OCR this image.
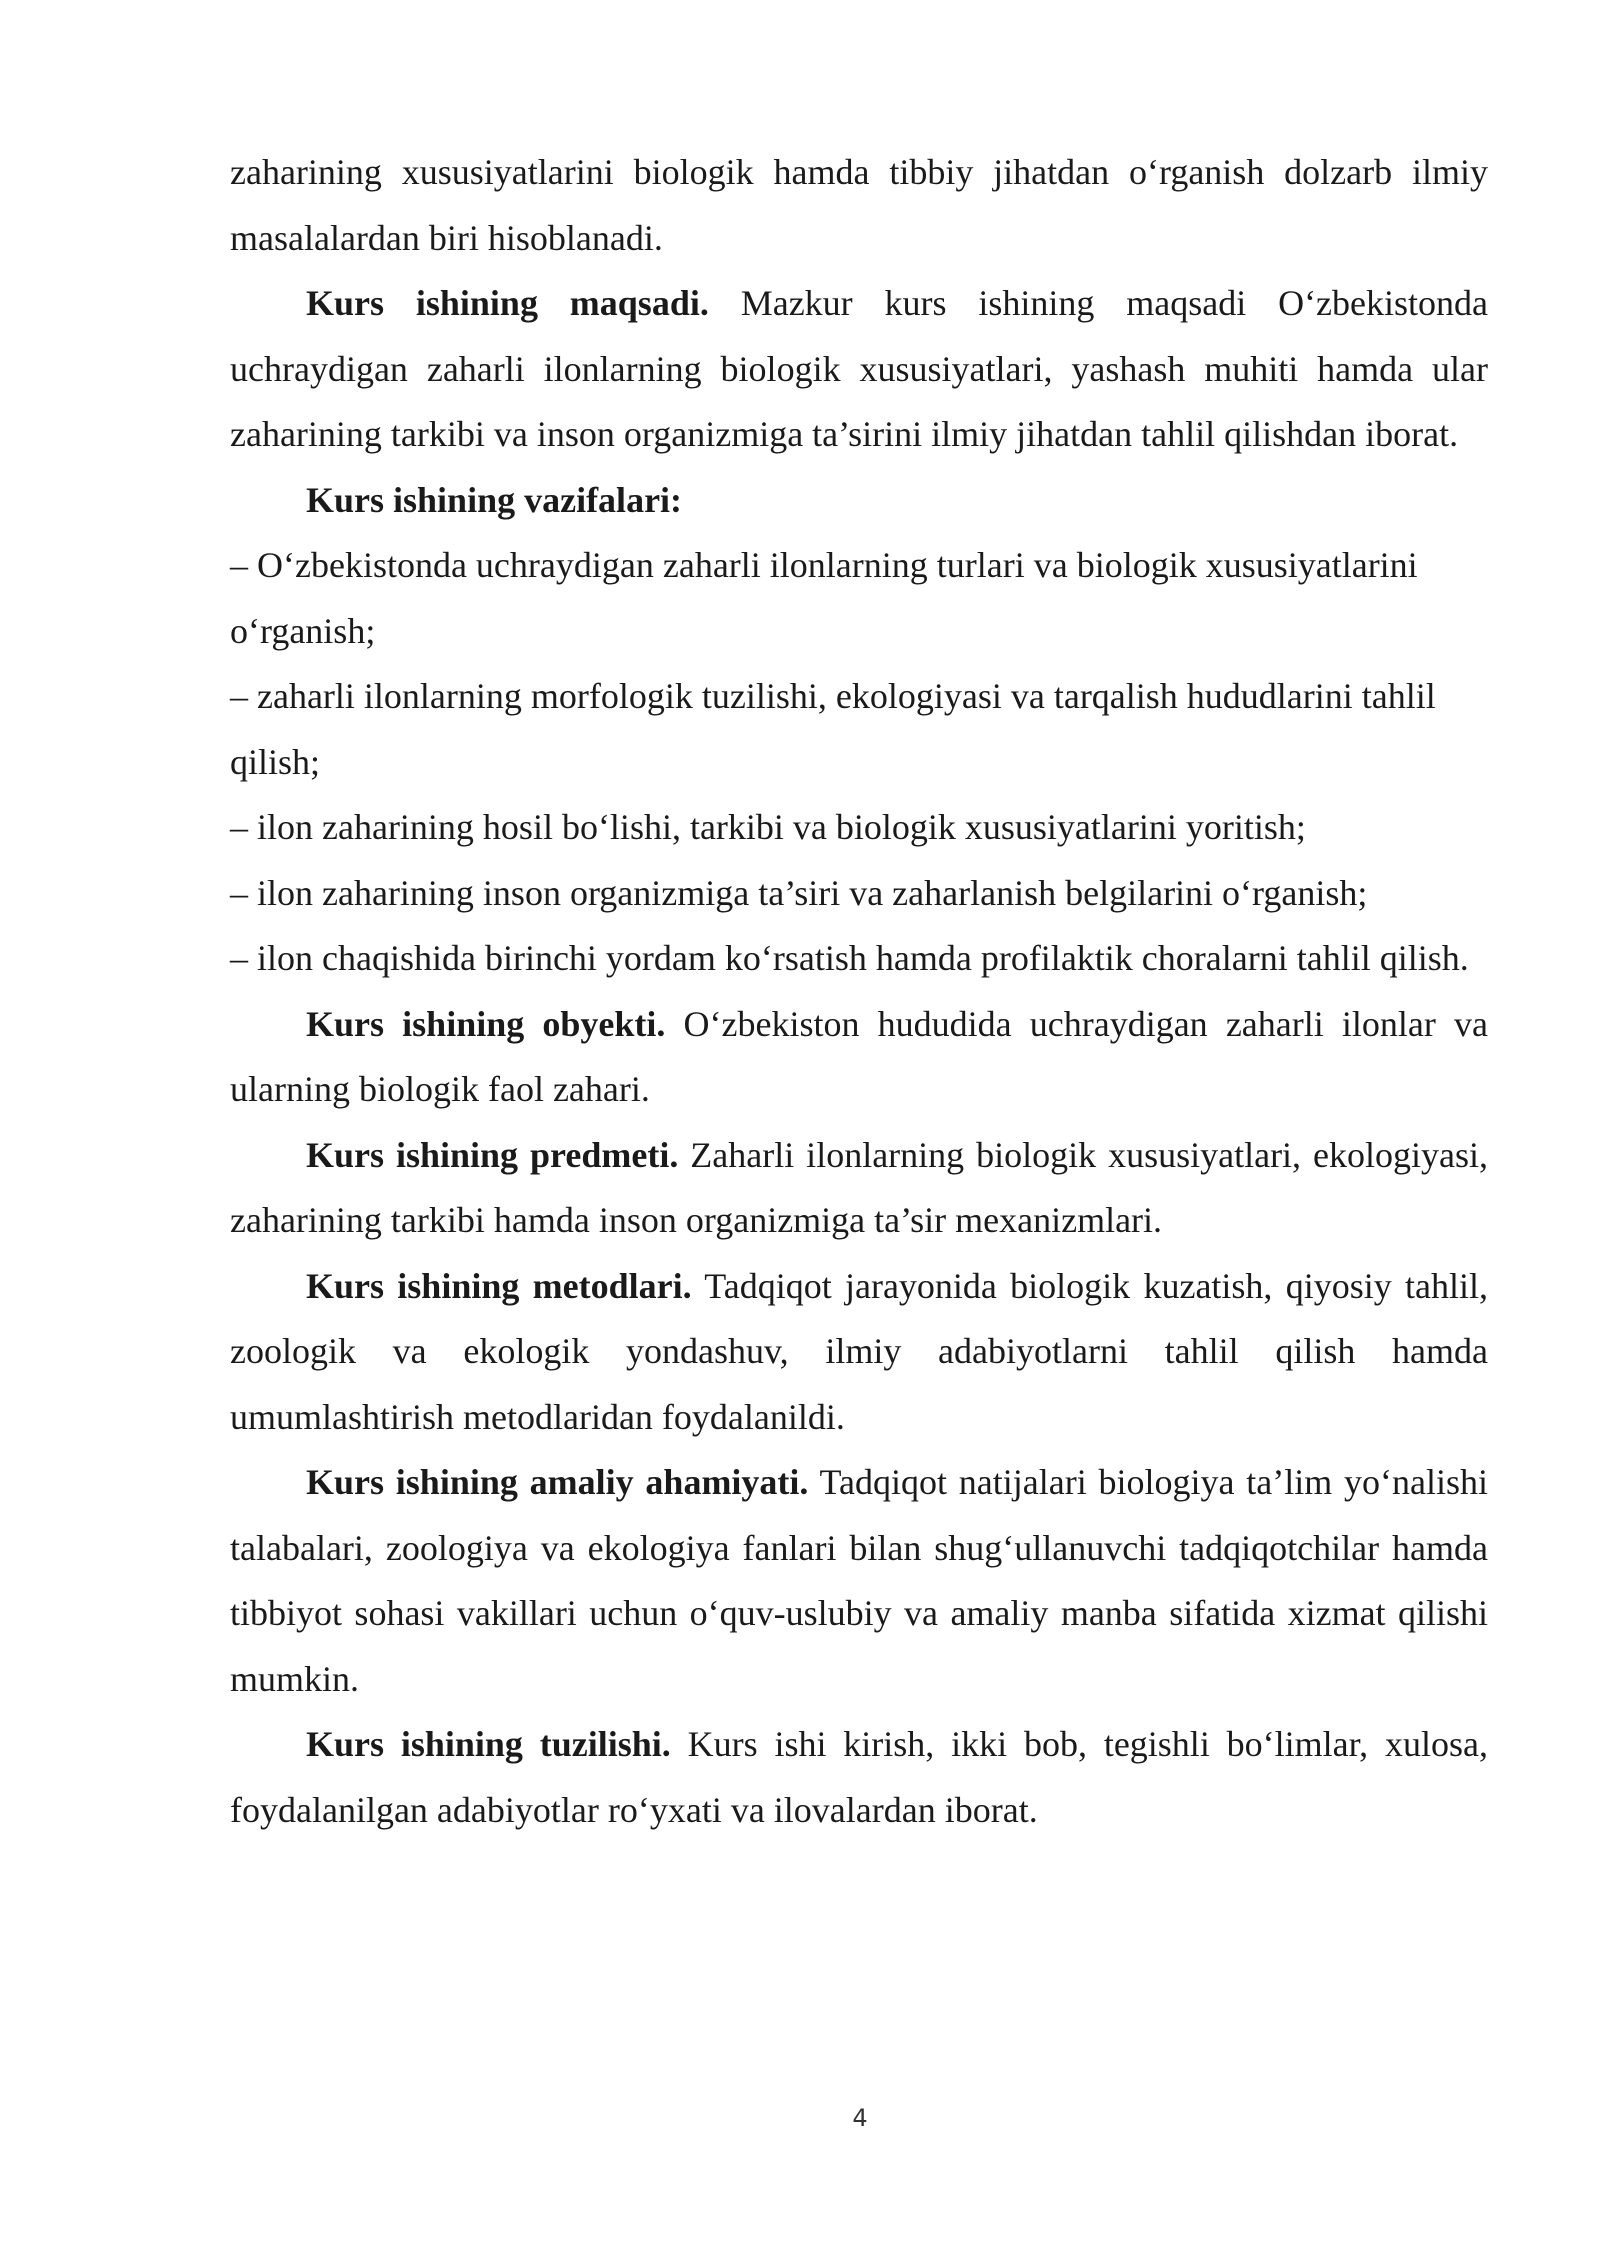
zaharining xususiyatlarini biologik hamda tibbiy jihatdan o‘rganish dolzarb ilmiy masalalardan biri hisoblanadi.

Kurs ishining maqsadi. Mazkur kurs ishining maqsadi O‘zbekistonda uchraydigan zaharli ilonlarning biologik xususiyatlari, yashash muhiti hamda ular zaharining tarkibi va inson organizmiga ta’sirini ilmiy jihatdan tahlil qilishdan iborat.

Kurs ishining vazifalari:

– O‘zbekistonda uchraydigan zaharli ilonlarning turlari va biologik xususiyatlarini o‘rganish;

– zaharli ilonlarning morfologik tuzilishi, ekologiyasi va tarqalish hududlarini tahlil qilish;

– ilon zaharining hosil bo‘lishi, tarkibi va biologik xususiyatlarini yoritish;

– ilon zaharining inson organizmiga ta’siri va zaharlanish belgilarini o‘rganish;

– ilon chaqishida birinchi yordam ko‘rsatish hamda profilaktik choralarni tahlil qilish.

Kurs ishining obyekti. O‘zbekiston hududida uchraydigan zaharli ilonlar va ularning biologik faol zahari.

Kurs ishining predmeti. Zaharli ilonlarning biologik xususiyatlari, ekologiyasi, zaharining tarkibi hamda inson organizmiga ta’sir mexanizmlari.

Kurs ishining metodlari. Tadqiqot jarayonida biologik kuzatish, qiyosiy tahlil, zoologik va ekologik yondashuv, ilmiy adabiyotlarni tahlil qilish hamda umumlashtirish metodlaridan foydalanildi.

Kurs ishining amaliy ahamiyati. Tadqiqot natijalari biologiya ta’lim yo‘nalishi talabalari, zoologiya va ekologiya fanlari bilan shug‘ullanuvchi tadqiqotchilar hamda tibbiyot sohasi vakillari uchun o‘quv-uslubiy va amaliy manba sifatida xizmat qilishi mumkin.

Kurs ishining tuzilishi. Kurs ishi kirish, ikki bob, tegishli bo‘limlar, xulosa, foydalanilgan adabiyotlar ro‘yxati va ilovalardan iborat.

4
